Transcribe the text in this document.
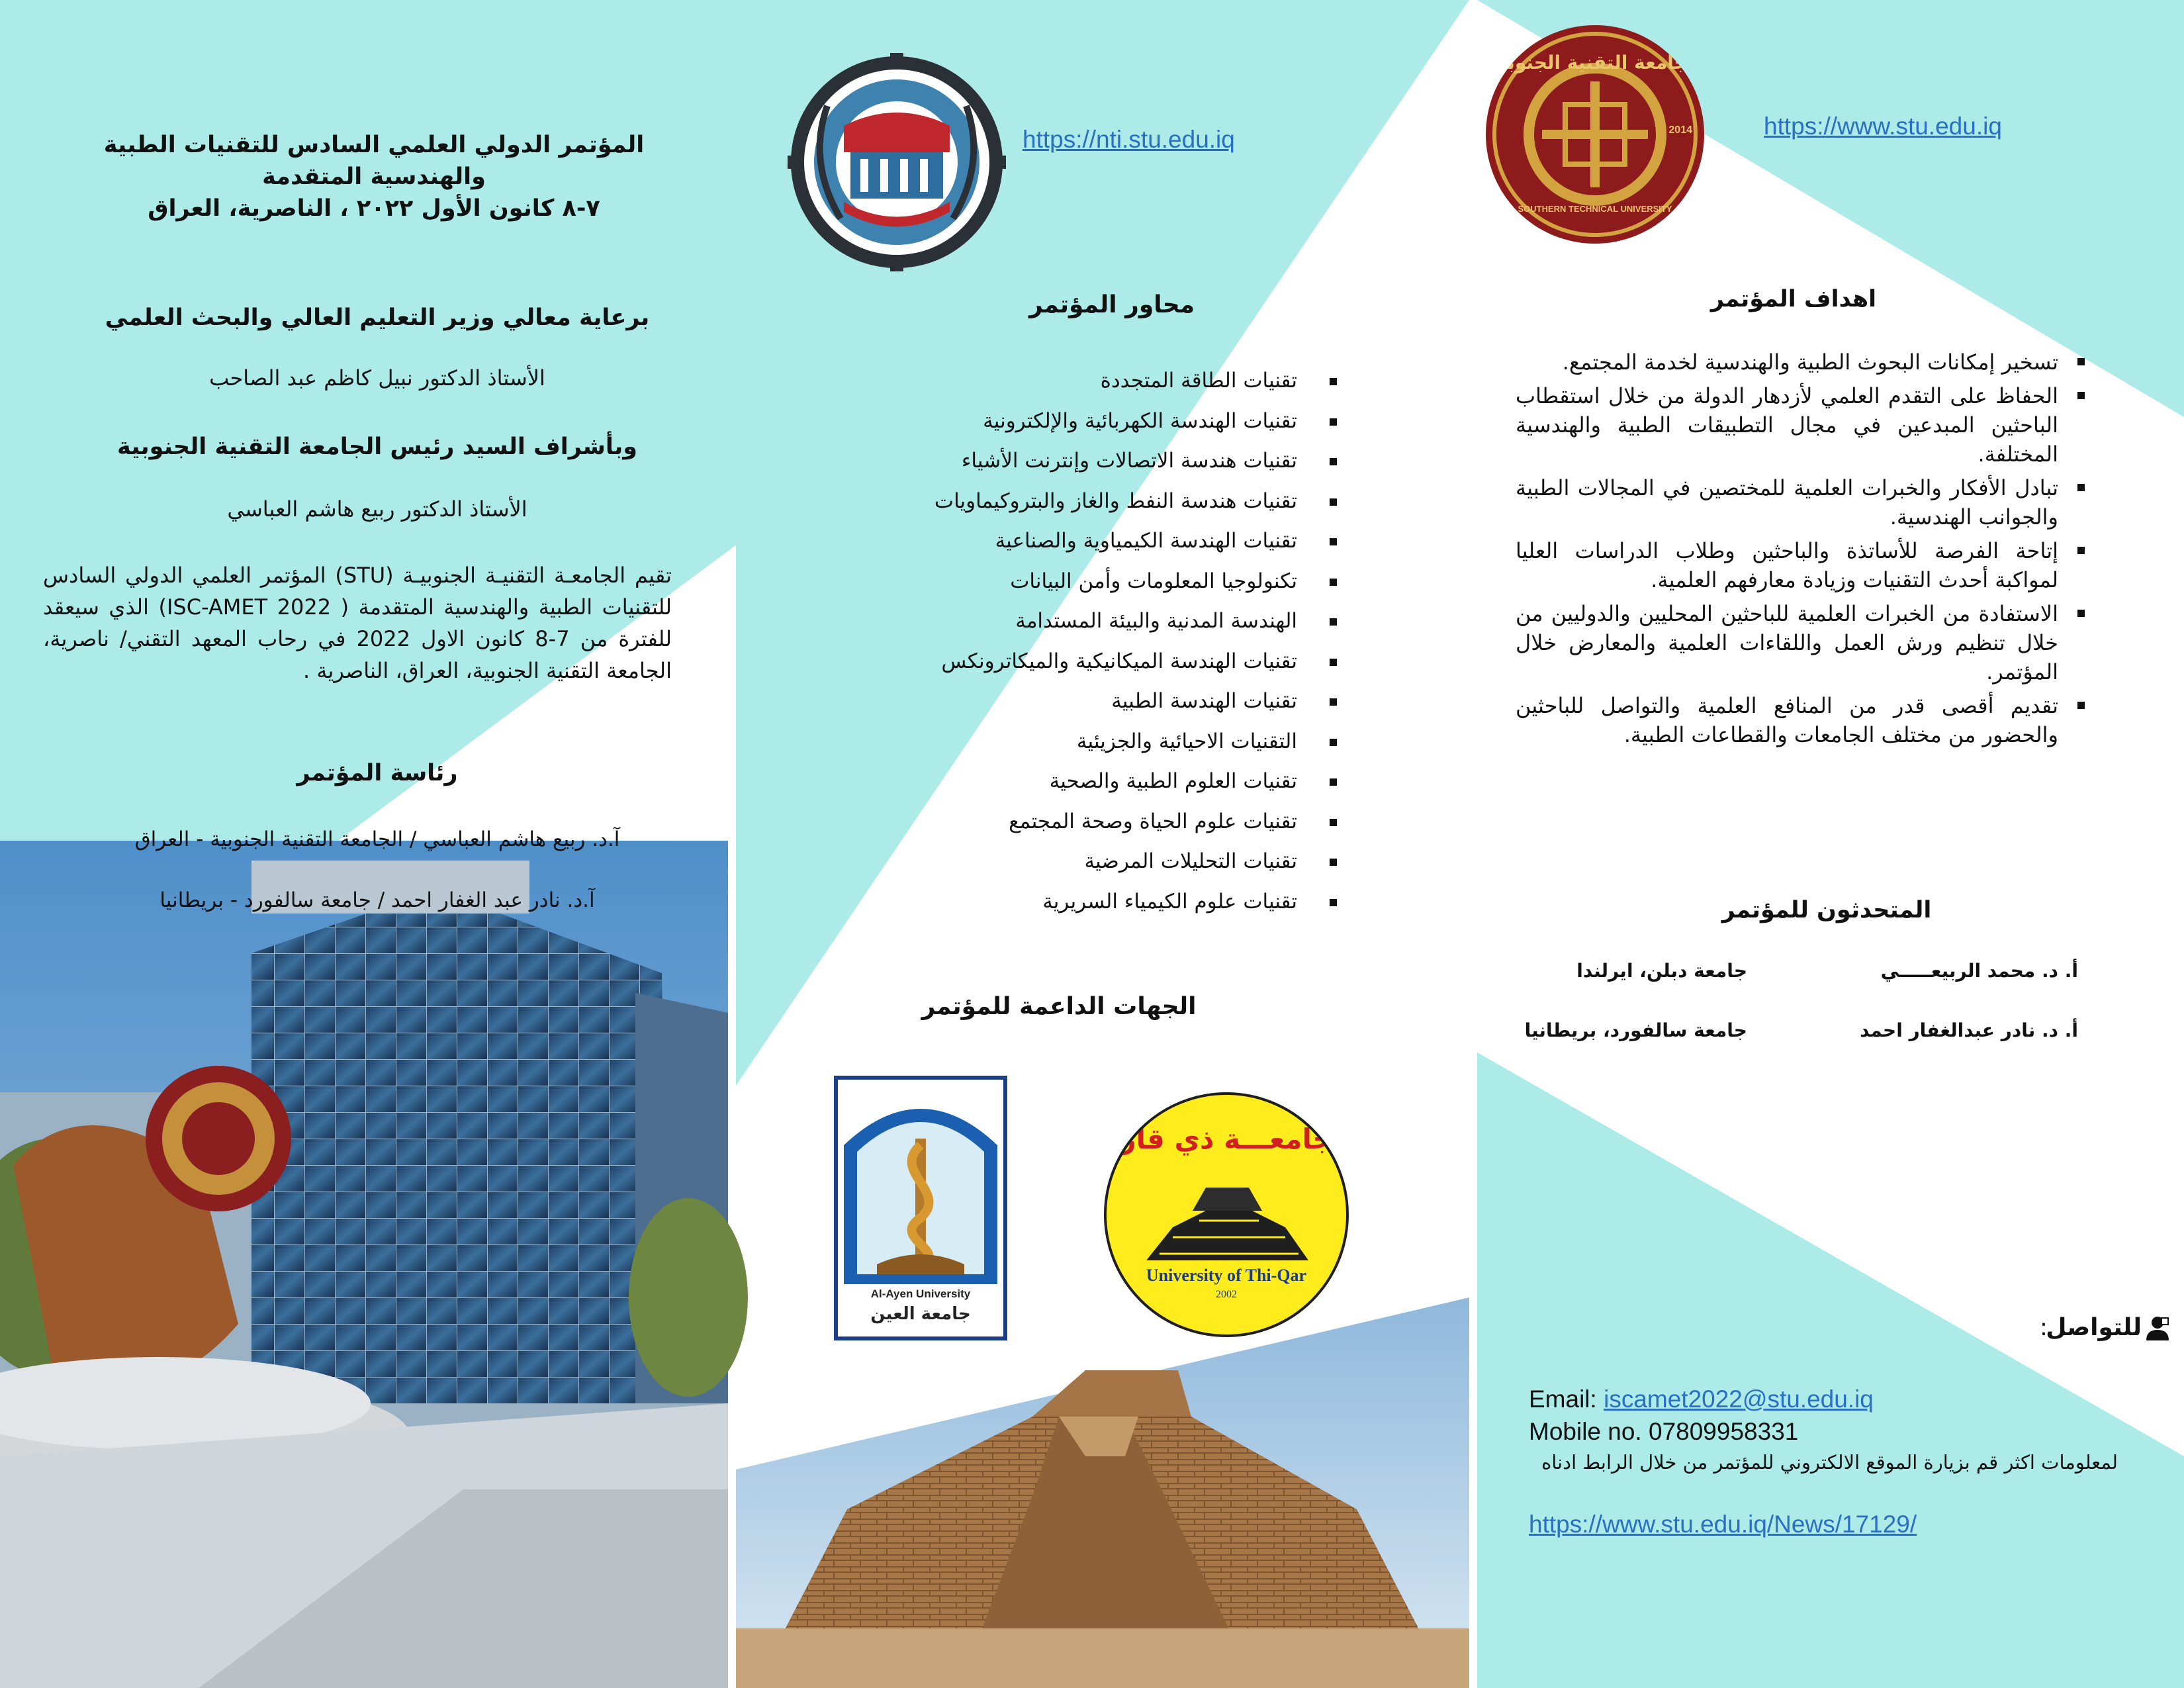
المؤتمر الدولي العلمي السادس للتقنيات الطبية والهندسية المتقدمة
٧-٨ كانون الأول ٢٠٢٢ ، الناصرية، العراق
برعاية معالي وزير التعليم العالي والبحث العلمي
الأستاذ الدكتور نبيل كاظم عبد الصاحب
وبأشراف السيد رئيس الجامعة التقنية الجنوبية
الأستاذ الدكتور ربيع هاشم العباسي
تقيم الجامعـة التقنيـة الجنوبيـة (STU) المؤتمر العلمي الدولي السادس للتقنيات الطبية والهندسية المتقدمة ( ISC-AMET 2022) الذي سيعقد للفترة من 7-8 كانون الاول 2022 في رحاب المعهد التقني/ ناصرية، الجامعة التقنية الجنوبية، العراق، الناصرية .
رئاسة المؤتمر
آ.د. ربيع هاشم العباسي / الجامعة التقنية الجنوبية - العراق
آ.د. نادر عبد الغفار احمد / جامعة سالفورد - بريطانيا
https://nti.stu.edu.iq
محاور المؤتمر
تقنيات الطاقة المتجددة
تقنيات الهندسة الكهربائية والإلكترونية
تقنيات هندسة الاتصالات وإنترنت الأشياء
تقنيات هندسة النفط والغاز والبتروكيماويات
تقنيات الهندسة الكيمياوية والصناعية
تكنولوجيا المعلومات وأمن البيانات
الهندسة المدنية والبيئة المستدامة
تقنيات الهندسة الميكانيكية والميكاترونكس
تقنيات الهندسة الطبية
التقنيات الاحيائية والجزيئية
تقنيات العلوم الطبية والصحية
تقنيات علوم الحياة وصحة المجتمع
تقنيات التحليلات المرضية
تقنيات علوم الكيمياء السريرية
الجهات الداعمة للمؤتمر
Al-Ayen University
جامعة العين
جامعـــة ذي قار
University of Thi-Qar
2002
الجامعة التقنية الجنوبية
SOUTHERN TECHNICAL UNIVERSITY
2014	https://www.stu.edu.iq
اهداف المؤتمر
تسخير إمكانات البحوث الطبية والهندسية لخدمة المجتمع.
الحفاظ على التقدم العلمي لأزدهار الدولة من خلال استقطاب الباحثين المبدعين في مجال التطبيقات الطبية والهندسية المختلفة.
تبادل الأفكار والخبرات العلمية للمختصين في المجالات الطبية والجوانب الهندسية.
إتاحة الفرصة للأساتذة والباحثين وطلاب الدراسات العليا لمواكبة أحدث التقنيات وزيادة معارفهم العلمية.
الاستفادة من الخبرات العلمية للباحثين المحليين والدوليين من خلال تنظيم ورش العمل واللقاءات العلمية والمعارض خلال المؤتمر.
تقديم أقصى قدر من المنافع العلمية والتواصل للباحثين والحضور من مختلف الجامعات والقطاعات الطبية.
المتحدثون للمؤتمر
أ. د. محمد الربيعـــــي
جامعة دبلن، ايرلندا
أ. د. نادر عبدالغفار احمد
جامعة سالفورد، بريطانيا
للتواصل
:
Email: iscamet2022@stu.edu.iq
Mobile no. 07809958331
لمعلومات اكثر قم بزيارة الموقع الالكتروني للمؤتمر من خلال الرابط ادناه
https://www.stu.edu.iq/News/17129/
